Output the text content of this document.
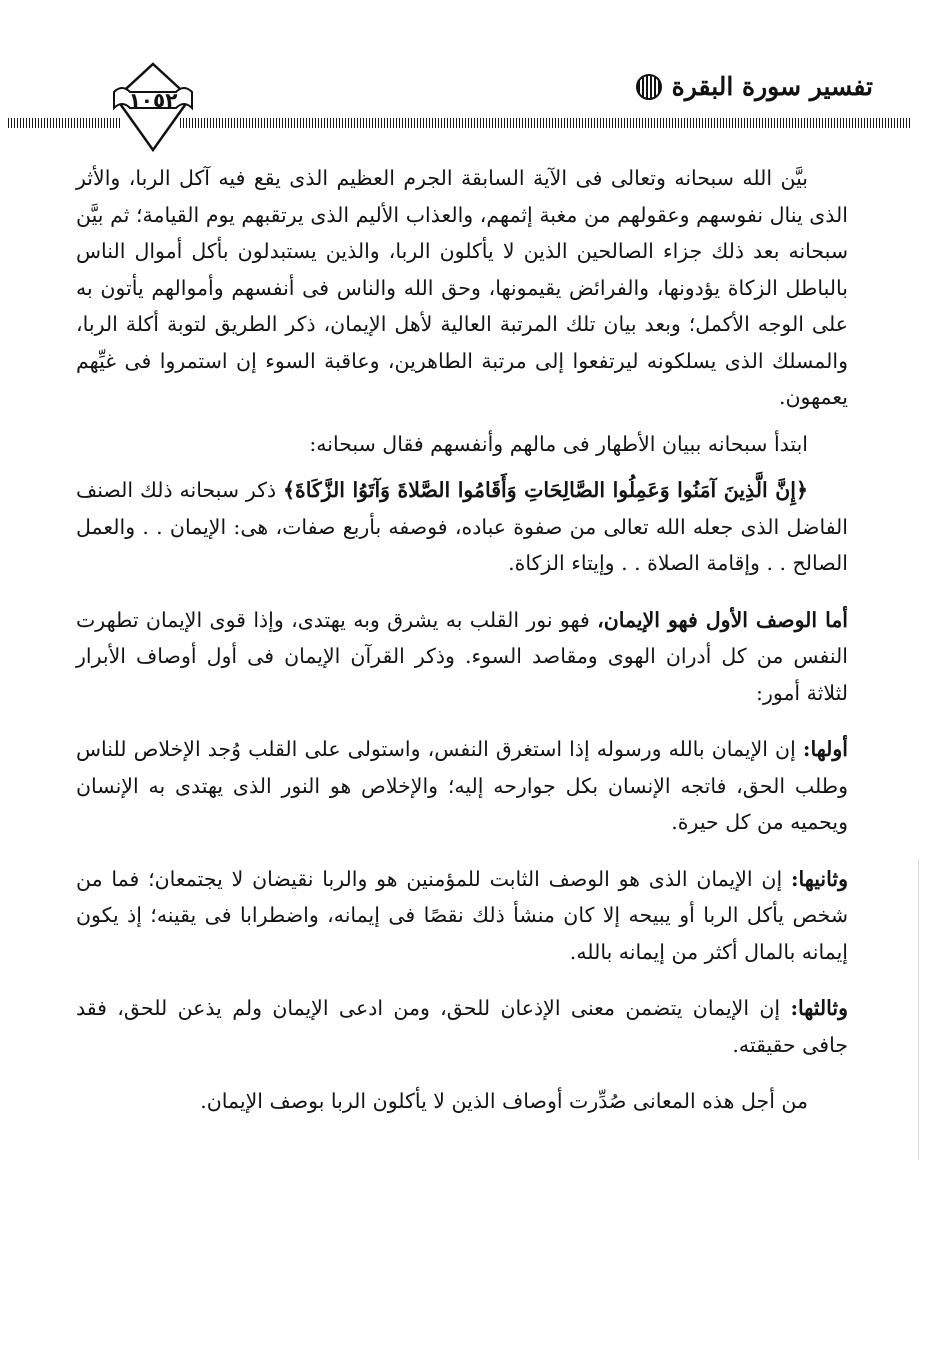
تفسير سورة البقرة
١٠٥٢

بيَّن الله سبحانه وتعالى فى الآية السابقة الجرم العظيم الذى يقع فيه آكل الربا، والأثر الذى ينال نفوسهم وعقولهم من مغبة إثمهم، والعذاب الأليم الذى يرتقبهم يوم القيامة؛ ثم بيَّن سبحانه بعد ذلك جزاء الصالحين الذين لا يأكلون الربا، والذين يستبدلون بأكل أموال الناس بالباطل الزكاة يؤدونها، والفرائض يقيمونها، وحق الله والناس فى أنفسهم وأموالهم يأتون به على الوجه الأكمل؛ وبعد بيان تلك المرتبة العالية لأهل الإيمان، ذكر الطريق لتوبة أكلة الربا، والمسلك الذى يسلكونه ليرتفعوا إلى مرتبة الطاهرين، وعاقبة السوء إن استمروا فى غيِّهم يعمهون.

ابتدأ سبحانه ببيان الأطهار فى مالهم وأنفسهم فقال سبحانه:

﴿إِنَّ الَّذِينَ آمَنُوا وَعَمِلُوا الصَّالِحَاتِ وَأَقَامُوا الصَّلاةَ وَآتَوُا الزَّكَاةَ﴾ ذكر سبحانه ذلك الصنف الفاضل الذى جعله الله تعالى من صفوة عباده، فوصفه بأربع صفات، هى: الإيمان . . والعمل الصالح . . وإقامة الصلاة . . وإيتاء الزكاة.

أما الوصف الأول فهو الإيمان، فهو نور القلب به يشرق وبه يهتدى، وإذا قوى الإيمان تطهرت النفس من كل أدران الهوى ومقاصد السوء. وذكر القرآن الإيمان فى أول أوصاف الأبرار لثلاثة أمور:

أولها: إن الإيمان بالله ورسوله إذا استغرق النفس، واستولى على القلب وُجد الإخلاص للناس وطلب الحق، فاتجه الإنسان بكل جوارحه إليه؛ والإخلاص هو النور الذى يهتدى به الإنسان ويحميه من كل حيرة.

وثانيها: إن الإيمان الذى هو الوصف الثابت للمؤمنين هو والربا نقيضان لا يجتمعان؛ فما من شخص يأكل الربا أو يبيحه إلا كان منشأ ذلك نقصًا فى إيمانه، واضطرابا فى يقينه؛ إذ يكون إيمانه بالمال أكثر من إيمانه بالله.

وثالثها: إن الإيمان يتضمن معنى الإذعان للحق، ومن ادعى الإيمان ولم يذعن للحق، فقد جافى حقيقته.

من أجل هذه المعانى صُدِّرت أوصاف الذين لا يأكلون الربا بوصف الإيمان.
